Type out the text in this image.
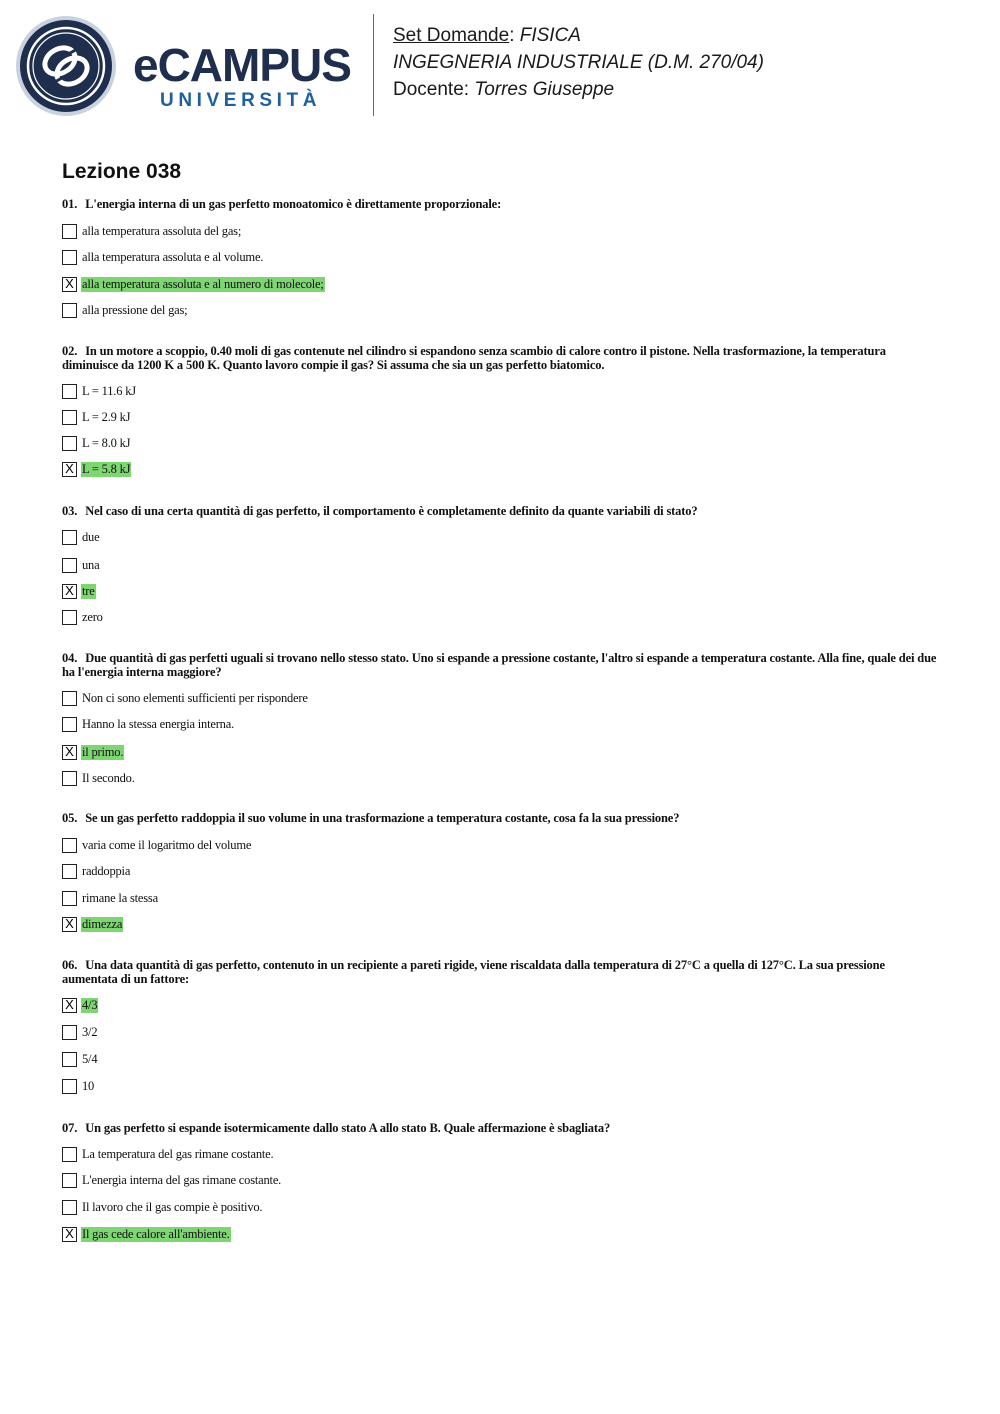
eCAMPUS
UNIVERSITÀ
Set Domande: FISICA
INGEGNERIA INDUSTRIALE (D.M. 270/04)
Docente: Torres Giuseppe
Lezione 038
01. L'energia interna di un gas perfetto monoatomico è direttamente proporzionale:
alla temperatura assoluta del gas;
alla temperatura assoluta e al volume.
X alla temperatura assoluta e al numero di molecole;
alla pressione del gas;
02. In un motore a scoppio, 0.40 moli di gas contenute nel cilindro si espandono senza scambio di calore contro il pistone. Nella trasformazione, la temperatura diminuisce da 1200 K a 500 K. Quanto lavoro compie il gas? Si assuma che sia un gas perfetto biatomico.
L = 11.6 kJ
L = 2.9 kJ
L = 8.0 kJ
X L = 5.8 kJ
03. Nel caso di una certa quantità di gas perfetto, il comportamento è completamente definito da quante variabili di stato?
due
una
X tre
zero
04. Due quantità di gas perfetti uguali si trovano nello stesso stato. Uno si espande a pressione costante, l'altro si espande a temperatura costante. Alla fine, quale dei due ha l'energia interna maggiore?
Non ci sono elementi sufficienti per rispondere
Hanno la stessa energia interna.
X il primo.
Il secondo.
05. Se un gas perfetto raddoppia il suo volume in una trasformazione a temperatura costante, cosa fa la sua pressione?
varia come il logaritmo del volume
raddoppia
rimane la stessa
X dimezza
06. Una data quantità di gas perfetto, contenuto in un recipiente a pareti rigide, viene riscaldata dalla temperatura di 27°C a quella di 127°C. La sua pressione aumentata di un fattore:
X 4/3
3/2
5/4
10
07. Un gas perfetto si espande isotermicamente dallo stato A allo stato B. Quale affermazione è sbagliata?
La temperatura del gas rimane costante.
L'energia interna del gas rimane costante.
Il lavoro che il gas compie è positivo.
X Il gas cede calore all'ambiente.
